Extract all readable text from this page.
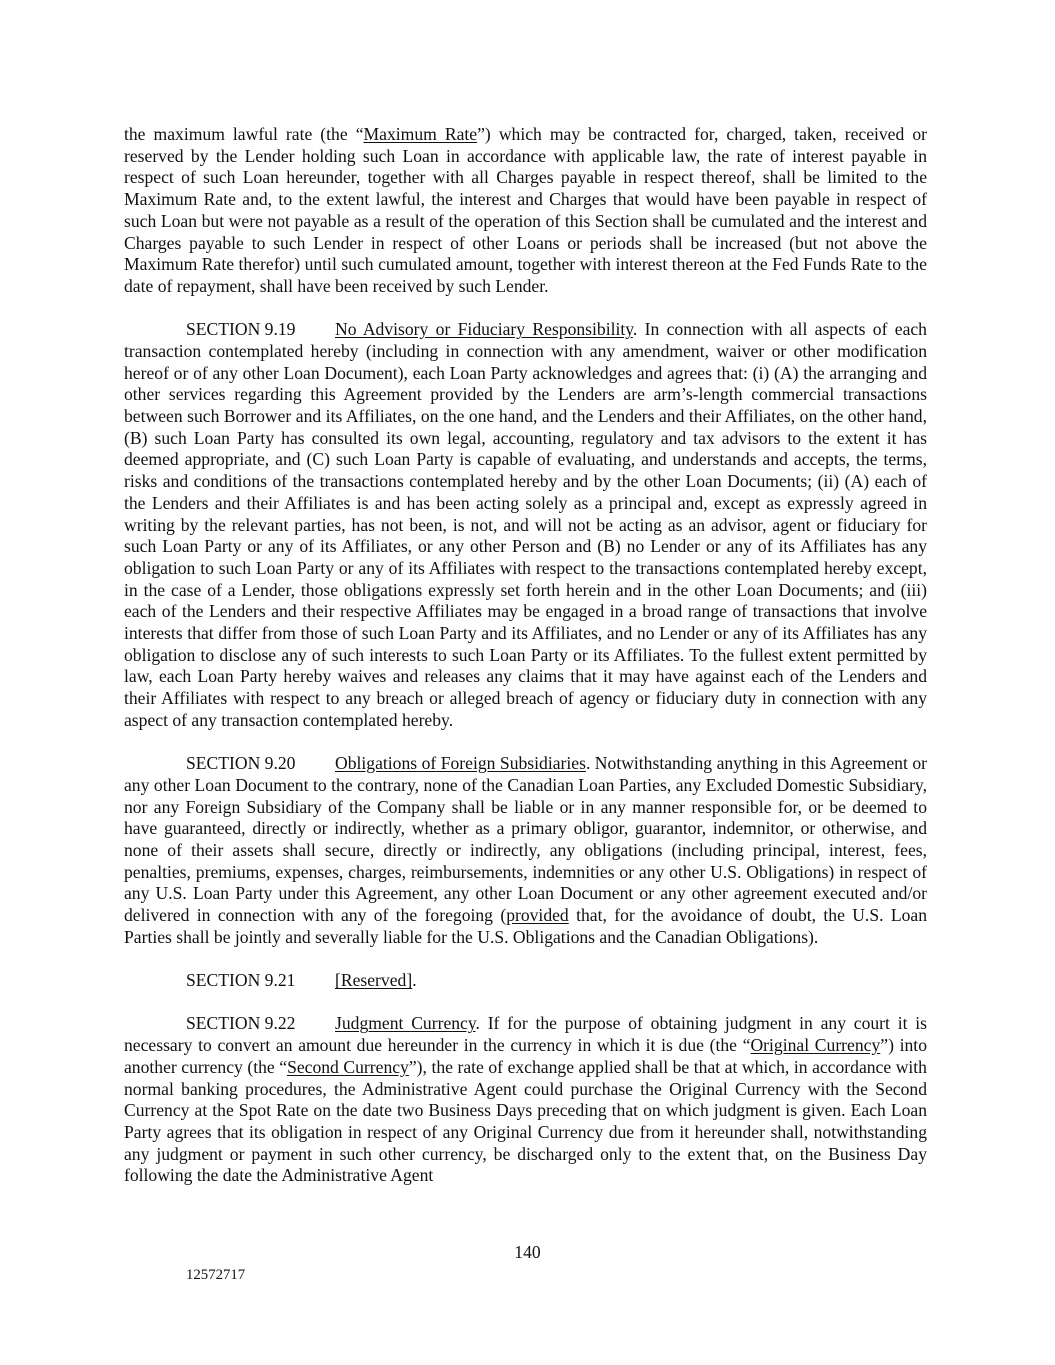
the maximum lawful rate (the “Maximum Rate”) which may be contracted for, charged, taken, received or reserved by the Lender holding such Loan in accordance with applicable law, the rate of interest payable in respect of such Loan hereunder, together with all Charges payable in respect thereof, shall be limited to the Maximum Rate and, to the extent lawful, the interest and Charges that would have been payable in respect of such Loan but were not payable as a result of the operation of this Section shall be cumulated and the interest and Charges payable to such Lender in respect of other Loans or periods shall be increased (but not above the Maximum Rate therefor) until such cumulated amount, together with interest thereon at the Fed Funds Rate to the date of repayment, shall have been received by such Lender.

SECTION 9.19 No Advisory or Fiduciary Responsibility. In connection with all aspects of each transaction contemplated hereby (including in connection with any amendment, waiver or other modification hereof or of any other Loan Document), each Loan Party acknowledges and agrees that: (i) (A) the arranging and other services regarding this Agreement provided by the Lenders are arm’s-length commercial transactions between such Borrower and its Affiliates, on the one hand, and the Lenders and their Affiliates, on the other hand, (B) such Loan Party has consulted its own legal, accounting, regulatory and tax advisors to the extent it has deemed appropriate, and (C) such Loan Party is capable of evaluating, and understands and accepts, the terms, risks and conditions of the transactions contemplated hereby and by the other Loan Documents; (ii) (A) each of the Lenders and their Affiliates is and has been acting solely as a principal and, except as expressly agreed in writing by the relevant parties, has not been, is not, and will not be acting as an advisor, agent or fiduciary for such Loan Party or any of its Affiliates, or any other Person and (B) no Lender or any of its Affiliates has any obligation to such Loan Party or any of its Affiliates with respect to the transactions contemplated hereby except, in the case of a Lender, those obligations expressly set forth herein and in the other Loan Documents; and (iii) each of the Lenders and their respective Affiliates may be engaged in a broad range of transactions that involve interests that differ from those of such Loan Party and its Affiliates, and no Lender or any of its Affiliates has any obligation to disclose any of such interests to such Loan Party or its Affiliates. To the fullest extent permitted by law, each Loan Party hereby waives and releases any claims that it may have against each of the Lenders and their Affiliates with respect to any breach or alleged breach of agency or fiduciary duty in connection with any aspect of any transaction contemplated hereby.

SECTION 9.20 Obligations of Foreign Subsidiaries. Notwithstanding anything in this Agreement or any other Loan Document to the contrary, none of the Canadian Loan Parties, any Excluded Domestic Subsidiary, nor any Foreign Subsidiary of the Company shall be liable or in any manner responsible for, or be deemed to have guaranteed, directly or indirectly, whether as a primary obligor, guarantor, indemnitor, or otherwise, and none of their assets shall secure, directly or indirectly, any obligations (including principal, interest, fees, penalties, premiums, expenses, charges, reimbursements, indemnities or any other U.S. Obligations) in respect of any U.S. Loan Party under this Agreement, any other Loan Document or any other agreement executed and/or delivered in connection with any of the foregoing (provided that, for the avoidance of doubt, the U.S. Loan Parties shall be jointly and severally liable for the U.S. Obligations and the Canadian Obligations).

SECTION 9.21 [Reserved].

SECTION 9.22 Judgment Currency. If for the purpose of obtaining judgment in any court it is necessary to convert an amount due hereunder in the currency in which it is due (the “Original Currency”) into another currency (the “Second Currency”), the rate of exchange applied shall be that at which, in accordance with normal banking procedures, the Administrative Agent could purchase the Original Currency with the Second Currency at the Spot Rate on the date two Business Days preceding that on which judgment is given. Each Loan Party agrees that its obligation in respect of any Original Currency due from it hereunder shall, notwithstanding any judgment or payment in such other currency, be discharged only to the extent that, on the Business Day following the date the Administrative Agent

140
12572717
